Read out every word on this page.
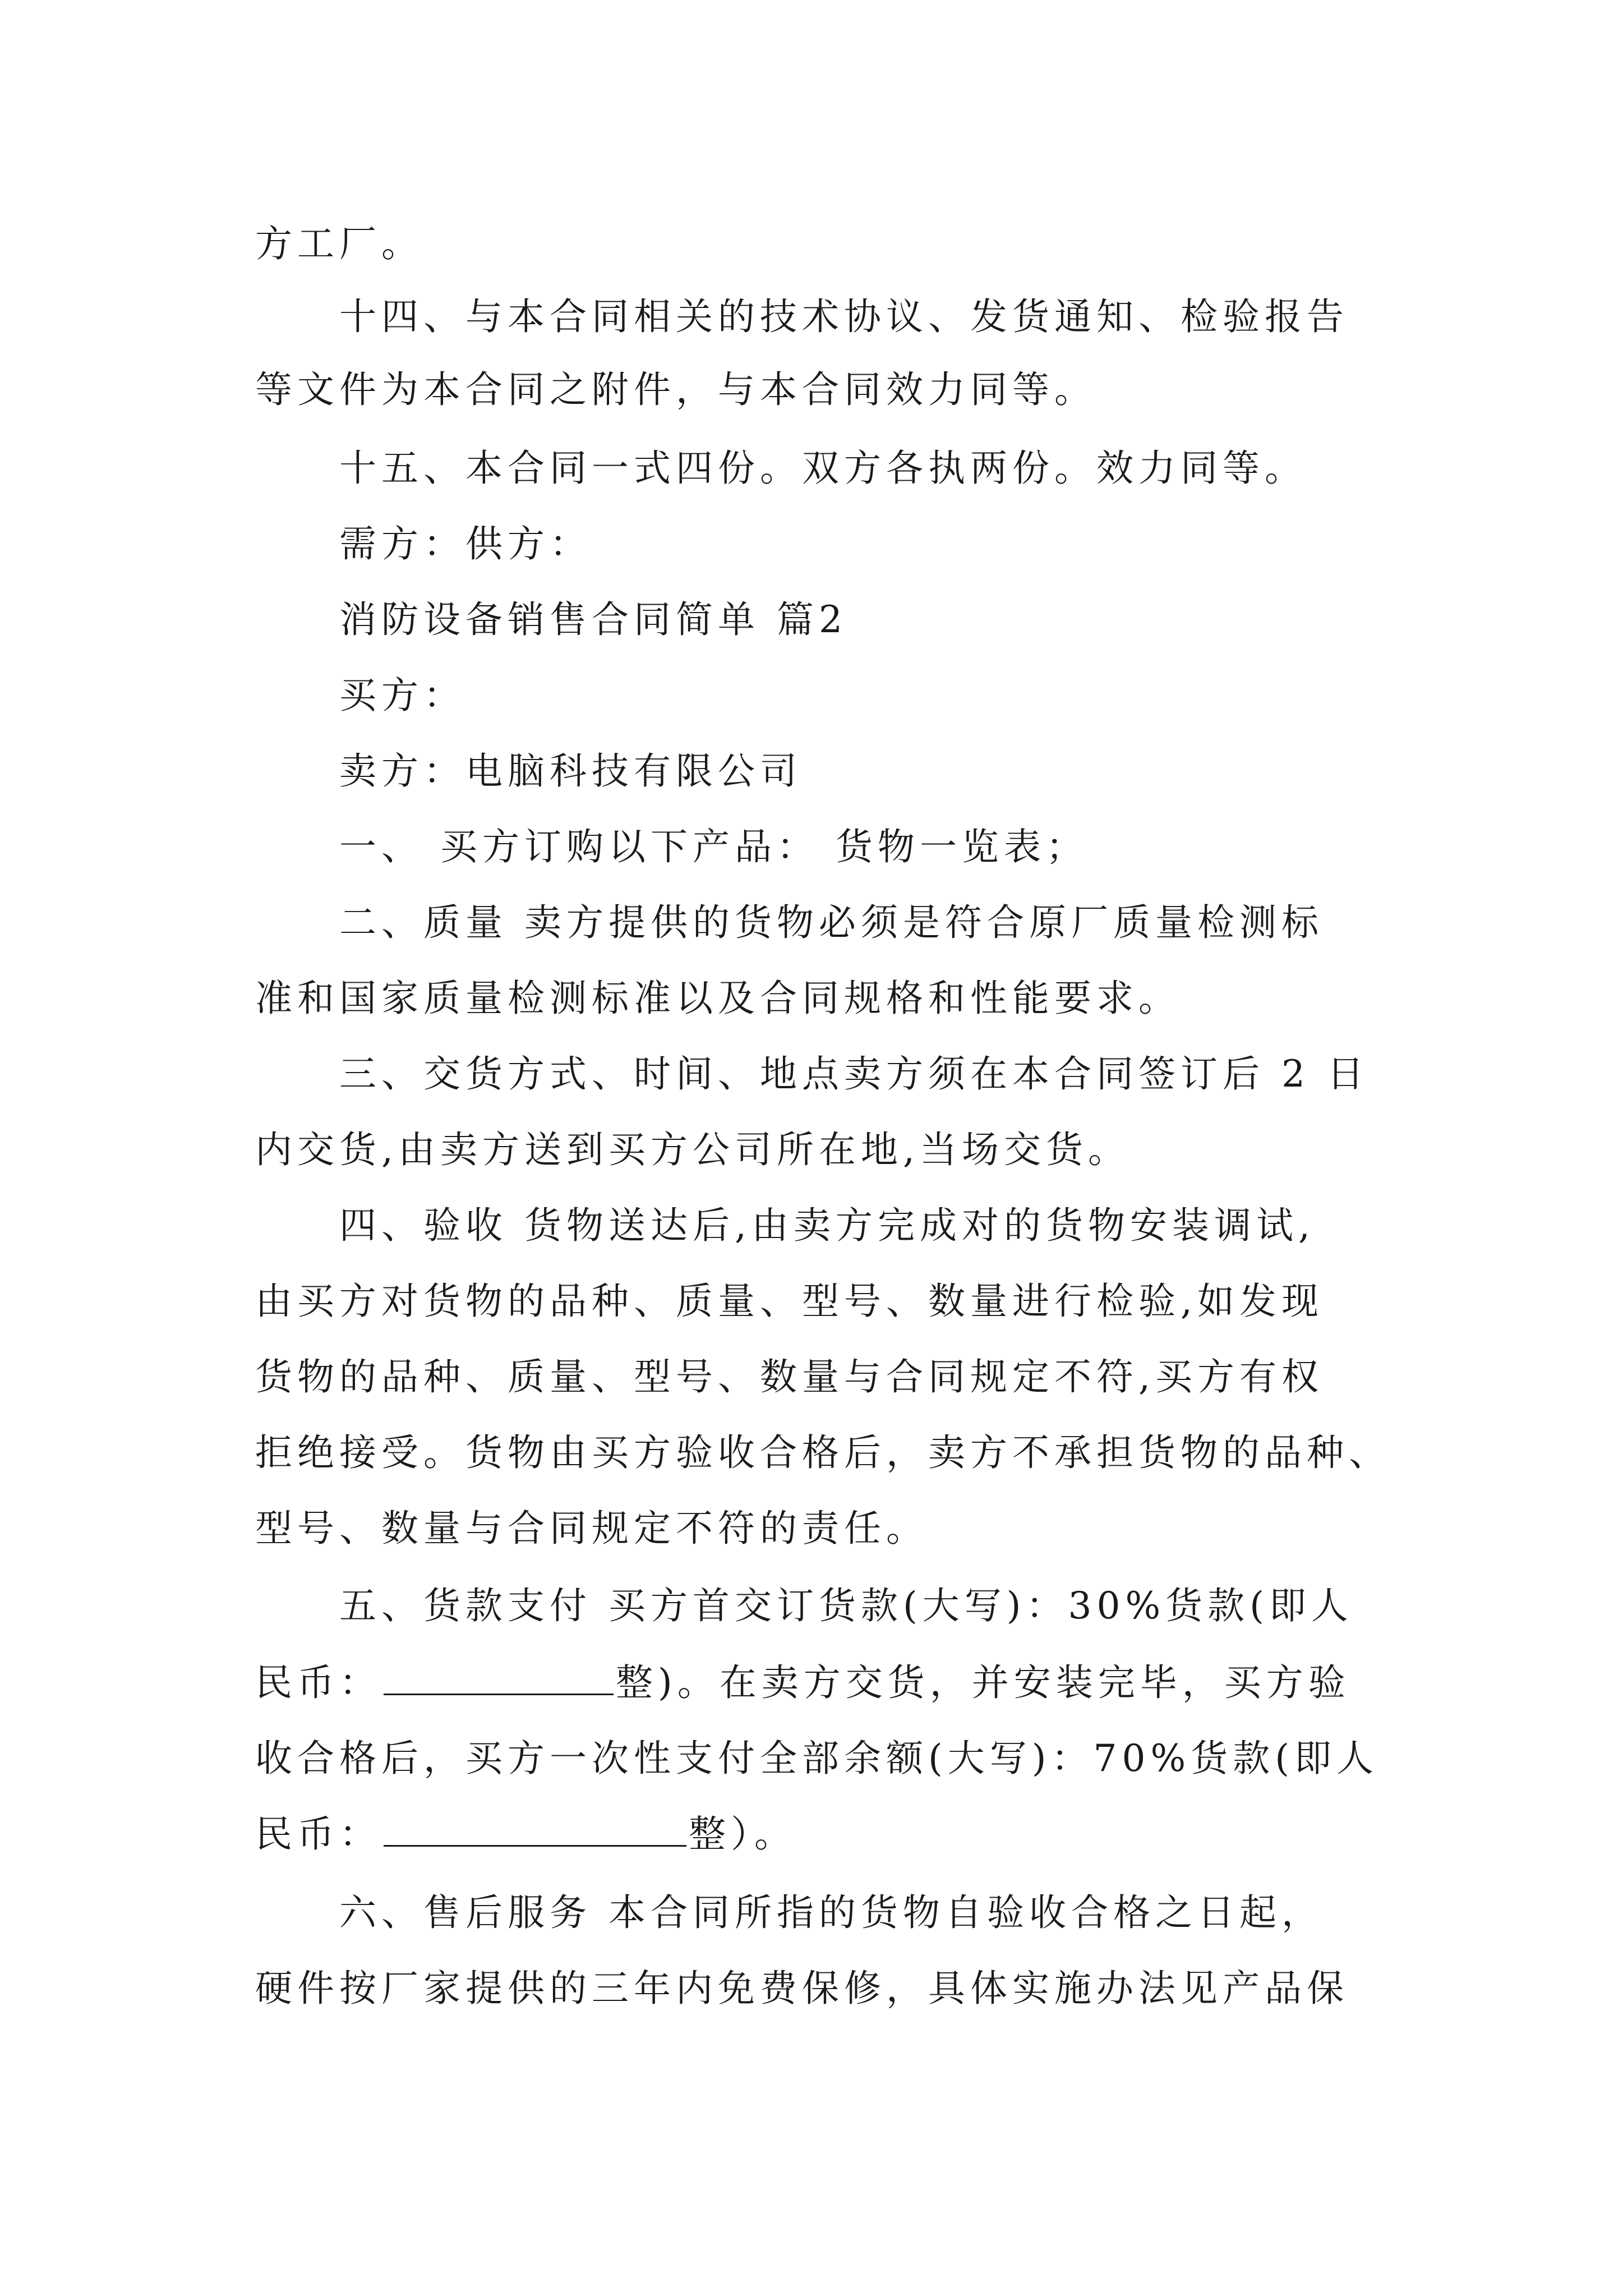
方工厂。
十四、与本合同相关的技术协议、发货通知、检验报告
等文件为本合同之附件，与本合同效力同等。
十五、本合同一式四份。双方各执两份。效力同等。
需方：供方：
消防设备销售合同简单 篇2
买方：
卖方：电脑科技有限公司
一、 买方订购以下产品： 货物一览表；
二、质量 卖方提供的货物必须是符合原厂质量检测标
准和国家质量检测标准以及合同规格和性能要求。
三、交货方式、时间、地点卖方须在本合同签订后 2 日
内交货,由卖方送到买方公司所在地,当场交货。
四、验收 货物送达后,由卖方完成对的货物安装调试,
由买方对货物的品种、质量、型号、数量进行检验,如发现
货物的品种、质量、型号、数量与合同规定不符,买方有权
拒绝接受。货物由买方验收合格后，卖方不承担货物的品种、
型号、数量与合同规定不符的责任。
五、货款支付 买方首交订货款(大写)：30%货款(即人
民币：	整)。在卖方交货，并安装完毕，买方验
收合格后，买方一次性支付全部余额(大写)：70%货款(即人
民币：	整）。
六、售后服务 本合同所指的货物自验收合格之日起，
硬件按厂家提供的三年内免费保修，具体实施办法见产品保
